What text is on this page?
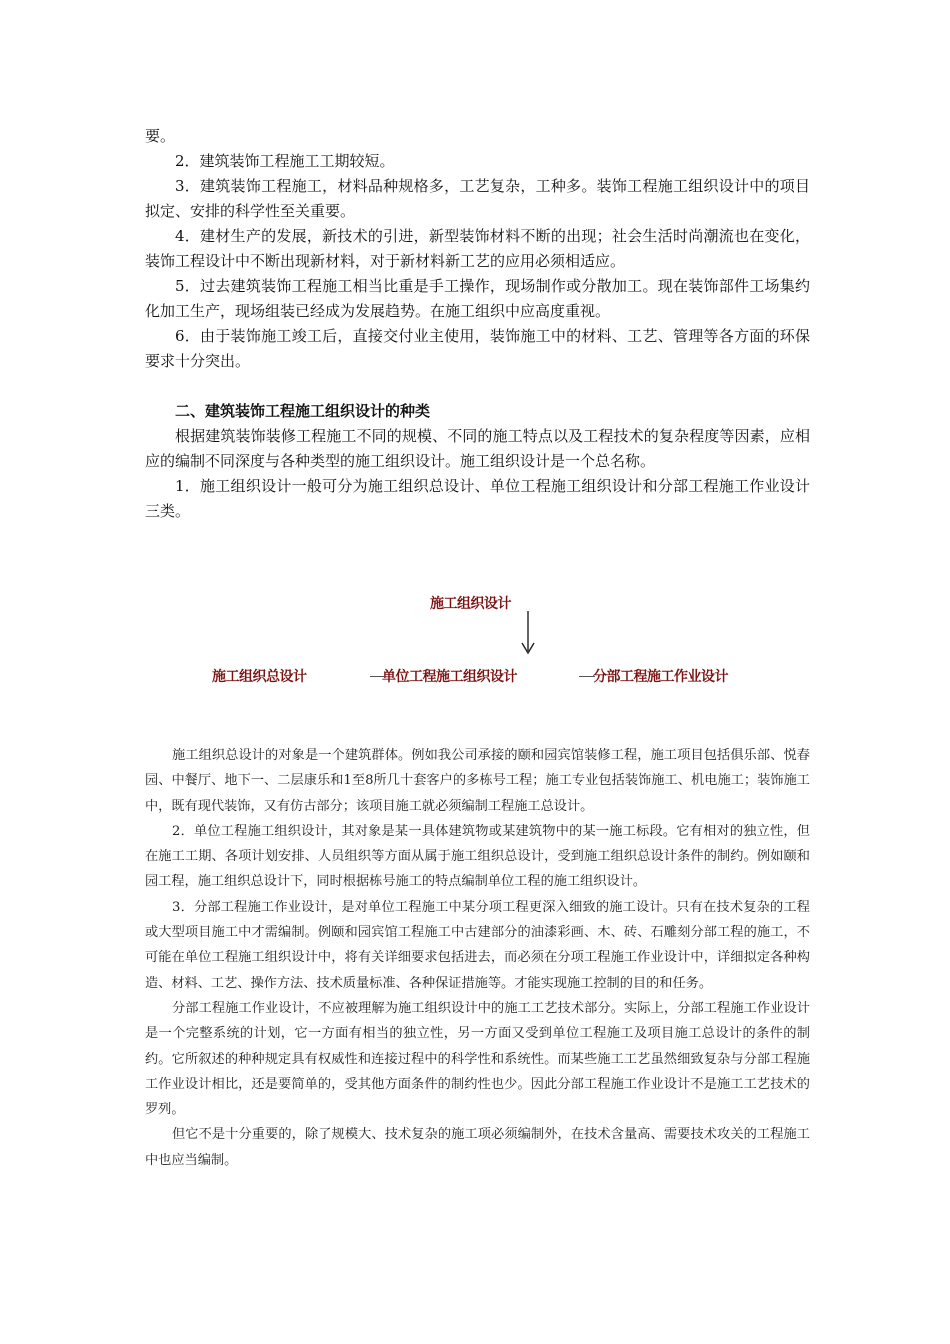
要。

2．建筑装饰工程施工工期较短。

3．建筑装饰工程施工，材料品种规格多，工艺复杂，工种多。装饰工程施工组织设计中的项目拟定、安排的科学性至关重要。

4．建材生产的发展，新技术的引进，新型装饰材料不断的出现；社会生活时尚潮流也在变化，装饰工程设计中不断出现新材料，对于新材料新工艺的应用必须相适应。

5．过去建筑装饰工程施工相当比重是手工操作，现场制作或分散加工。现在装饰部件工场集约化加工生产，现场组装已经成为发展趋势。在施工组织中应高度重视。

6．由于装饰施工竣工后，直接交付业主使用，装饰施工中的材料、工艺、管理等各方面的环保要求十分突出。

二、建筑装饰工程施工组织设计的种类

根据建筑装饰装修工程施工不同的规模、不同的施工特点以及工程技术的复杂程度等因素，应相应的编制不同深度与各种类型的施工组织设计。施工组织设计是一个总名称。

1．施工组织设计一般可分为施工组织总设计、单位工程施工组织设计和分部工程施工作业设计三类。

施工组织设计
施工组织总设计	单位工程施工组织设计	分部工程施工作业设计

施工组织总设计的对象是一个建筑群体。例如我公司承接的颐和园宾馆装修工程，施工项目包括俱乐部、悦春园、中餐厅、地下一、二层康乐和1至8所几十套客户的多栋号工程；施工专业包括装饰施工、机电施工；装饰施工中，既有现代装饰，又有仿古部分；该项目施工就必须编制工程施工总设计。

2．单位工程施工组织设计，其对象是某一具体建筑物或某建筑物中的某一施工标段。它有相对的独立性，但在施工工期、各项计划安排、人员组织等方面从属于施工组织总设计，受到施工组织总设计条件的制约。例如颐和园工程，施工组织总设计下，同时根据栋号施工的特点编制单位工程的施工组织设计。

3．分部工程施工作业设计，是对单位工程施工中某分项工程更深入细致的施工设计。只有在技术复杂的工程或大型项目施工中才需编制。例颐和园宾馆工程施工中古建部分的油漆彩画、木、砖、石雕刻分部工程的施工，不可能在单位工程施工组织设计中，将有关详细要求包括进去，而必须在分项工程施工作业设计中，详细拟定各种构造、材料、工艺、操作方法、技术质量标准、各种保证措施等。才能实现施工控制的目的和任务。

分部工程施工作业设计，不应被理解为施工组织设计中的施工工艺技术部分。实际上，分部工程施工作业设计是一个完整系统的计划，它一方面有相当的独立性，另一方面又受到单位工程施工及项目施工总设计的条件的制约。它所叙述的种种规定具有权威性和连接过程中的科学性和系统性。而某些施工工艺虽然细致复杂与分部工程施工作业设计相比，还是要简单的，受其他方面条件的制约性也少。因此分部工程施工作业设计不是施工工艺技术的罗列。

但它不是十分重要的，除了规模大、技术复杂的施工项必须编制外，在技术含量高、需要技术攻关的工程施工中也应当编制。
